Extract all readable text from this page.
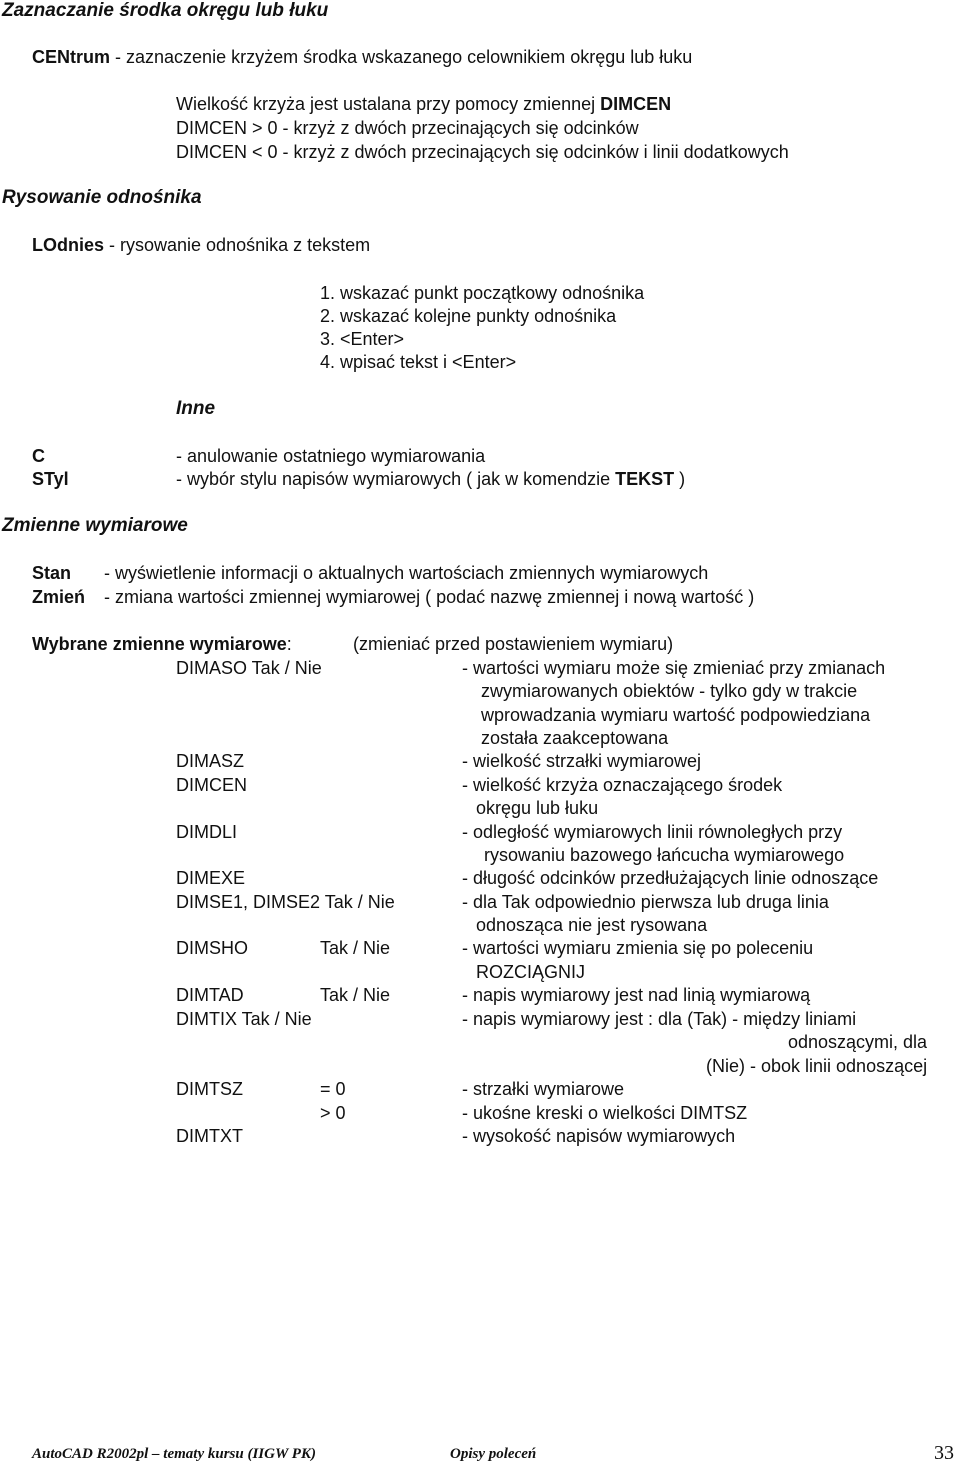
Zaznaczanie środka okręgu lub łuku
CENtrum - zaznaczenie krzyżem środka wskazanego celownikiem okręgu lub łuku
Wielkość krzyża jest ustalana przy pomocy zmiennej DIMCEN
DIMCEN > 0 - krzyż z dwóch przecinających się odcinków
DIMCEN < 0 - krzyż z dwóch przecinających się odcinków i linii dodatkowych
Rysowanie odnośnika
LOdnies - rysowanie odnośnika z tekstem
1. wskazać punkt początkowy odnośnika
2. wskazać kolejne punkty odnośnika
3. <Enter>
4. wpisać tekst i <Enter>
Inne
C	- anulowanie ostatniego wymiarowania
STyl	- wybór stylu napisów wymiarowych ( jak w komendzie TEKST )
Zmienne wymiarowe
Stan - wyświetlenie informacji o aktualnych wartościach zmiennych wymiarowych
Zmień - zmiana wartości zmiennej wymiarowej ( podać nazwę zmiennej i nową wartość )
Wybrane zmienne wymiarowe:	(zmieniać przed postawieniem wymiaru)
DIMASO Tak / Nie	- wartości wymiaru może się zmieniać przy zmianach
zwymiarowanych obiektów - tylko gdy w trakcie
wprowadzania wymiaru wartość podpowiedziana
została zaakceptowana
DIMASZ	- wielkość strzałki wymiarowej
DIMCEN	- wielkość krzyża oznaczającego środek
okręgu lub łuku
DIMDLI	- odległość wymiarowych linii równoległych przy
rysowaniu bazowego łańcucha wymiarowego
DIMEXE	- długość odcinków przedłużających linie odnoszące
DIMSE1, DIMSE2 Tak / Nie	- dla Tak odpowiednio pierwsza lub druga linia
odnosząca nie jest rysowana
DIMSHO	Tak / Nie	- wartości wymiaru zmienia się po poleceniu
ROZCIĄGNIJ
DIMTAD	Tak / Nie	- napis wymiarowy jest nad linią wymiarową
DIMTIX Tak / Nie	- napis wymiarowy jest : dla (Tak) - między liniami
odnoszącymi, dla
(Nie) - obok linii odnoszącej
DIMTSZ	= 0	- strzałki wymiarowe
> 0	- ukośne kreski o wielkości DIMTSZ
DIMTXT	- wysokość napisów wymiarowych
AutoCAD R2002pl – tematy kursu (IIGW PK)	Opisy poleceń	33
